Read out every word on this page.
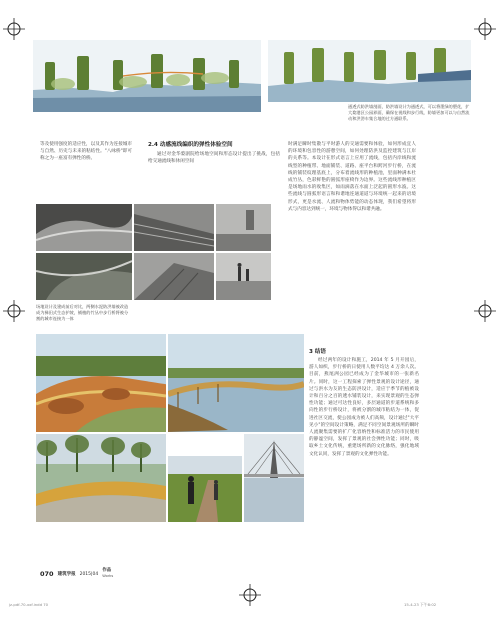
通透式防洪墙剖面，防洪墙设计为通透式，可以将墨绿的塑花，扩大婺港区公园界面，确保在视线和步行线，防墙更加可以与自然流动和洪涝车集合地的过方通联系。

等及使用强度的适应性，以及其作为连接城市与自然、历史与未来的粘结性。"八咏桥"即可称之为一座富有弹性的桥。

2.4 动感流线编织的弹性体验空间

通过对金华婺剧院给场地空间和形态设计提出了挑战，包括给交通流线和休闲空间

时满足瞬时集散与平时游人的交通需要和体验，如何形成宜人的环境和包容性的游憩空间，如何处理防洪及监控建筑与江岸的关系等。本设计在形式语言上应用了流线，包括内岸线和流线型的种植带、地面铺装、道路、座平台和跨河步行桥，在流线的铺装纹理基底上，分布着流线形的种植池，里面种满本杜成竹丛，色彩鲜艳的圆弧形座椅作为边界。这些流线形种植区是场地雨水的收集区，如雨滴落在水面上泛起的圆形水波。这些流线与圆弧形语言和和谐地连通道道与环境统一起来的语境形式，更是水流、人流和物体势能的动态体现，我们希望将形式与内容达到统一，环境与物体得以和谐共融。

场地设计及建成前后对比，两侧水泥防洪墙被改造成为梯田式生态护坡，铺植的竹丛中步行桥将被分割的城市连接为一体
3 结语

经过两年的设计和施工，2014 年 5 月开园后，游人如织，步行桥的日使用人数平均达 4 万余人次。目前，燕尾洲公园已经成为了金华城市的一张新名片。同时，这一工程探索了弹性景观的设计途径，通过与洪水为友的生态防洪设计，适应于季节的植被设计和百分之百的透水铺装设计，来实现景观的生态弹性功能；通过可达性良好，多层通道的步道系统和多向性的步行桥设计，将被分割的城市粘结为一体，促进社区交流，使公园成为被人们高频，设计通过"大平见小"的空间设计策略，满足不同空间景观场所的瞬时人流聚集需要的扩广化容纳性和标准活力的市民使用的静谧空间，发挥了景观的社会弹性功能；同时，吸取乡土文化传统，重建场所新的文化脉络，强化地域文化认同，发挥了景观的文化弹性功能。

070 建筑学报 2015|04
作品
Works
jz-pdf-70-xxf.indd 70	15-4-23 下午8:02
